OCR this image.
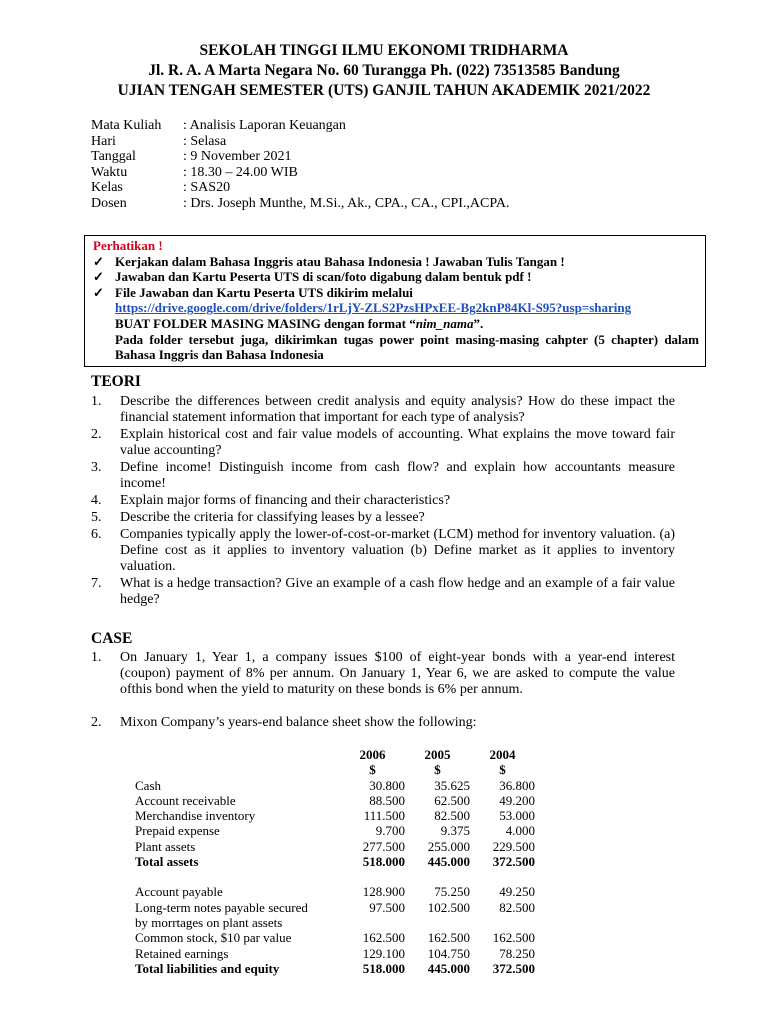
SEKOLAH TINGGI ILMU EKONOMI TRIDHARMA
Jl. R. A. A Marta Negara No. 60 Turangga Ph. (022) 73513585 Bandung
UJIAN TENGAH SEMESTER (UTS) GANJIL TAHUN AKADEMIK 2021/2022
Mata Kuliah	: Analisis Laporan Keuangan
Hari	: Selasa
Tanggal	: 9 November 2021
Waktu	: 18.30 – 24.00 WIB
Kelas	: SAS20
Dosen	: Drs. Joseph Munthe, M.Si., Ak., CPA., CA., CPI.,ACPA.
Perhatikan !
✓ Kerjakan dalam Bahasa Inggris atau Bahasa Indonesia ! Jawaban Tulis Tangan !
✓ Jawaban dan Kartu Peserta UTS di scan/foto digabung dalam bentuk pdf !
✓ File Jawaban dan Kartu Peserta UTS dikirim melalui
https://drive.google.com/drive/folders/1rLjY-ZLS2PzsHPxEE-Bg2knP84Kl-S95?usp=sharing
BUAT FOLDER MASING MASING dengan format “nim_nama”.
Pada folder tersebut juga, dikirimkan tugas power point masing-masing cahpter (5 chapter) dalam Bahasa Inggris dan Bahasa Indonesia
TEORI
1.	Describe the differences between credit analysis and equity analysis? How do these impact the financial statement information that important for each type of analysis?
2.	Explain historical cost and fair value models of accounting. What explains the move toward fair value accounting?
3.	Define income! Distinguish income from cash flow? and explain how accountants measure income!
4.	Explain major forms of financing and their characteristics?
5.	Describe the criteria for classifying leases by a lessee?
6.	Companies typically apply the lower-of-cost-or-market (LCM) method for inventory valuation. (a) Define cost as it applies to inventory valuation (b) Define market as it applies to inventory valuation.
7.	What is a hedge transaction? Give an example of a cash flow hedge and an example of a fair value hedge?
CASE
1.	On January 1, Year 1, a company issues $100 of eight-year bonds with a year-end interest (coupon) payment of 8% per annum. On January 1, Year 6, we are asked to compute the value ofthis bond when the yield to maturity on these bonds is 6% per annum.
2.	Mixon Company’s years-end balance sheet show the following:
2006	2005	2004
$	$	$
Cash	30.800	35.625	36.800
Account receivable	88.500	62.500	49.200
Merchandise inventory	111.500	82.500	53.000
Prepaid expense	9.700	9.375	4.000
Plant assets	277.500	255.000	229.500
Total assets	518.000	445.000	372.500
Account payable	128.900	75.250	49.250
Long-term notes payable secured	97.500	102.500	82.500
by morrtages on plant assets
Common stock, $10 par value	162.500	162.500	162.500
Retained earnings	129.100	104.750	78.250
Total liabilities and equity	518.000	445.000	372.500
